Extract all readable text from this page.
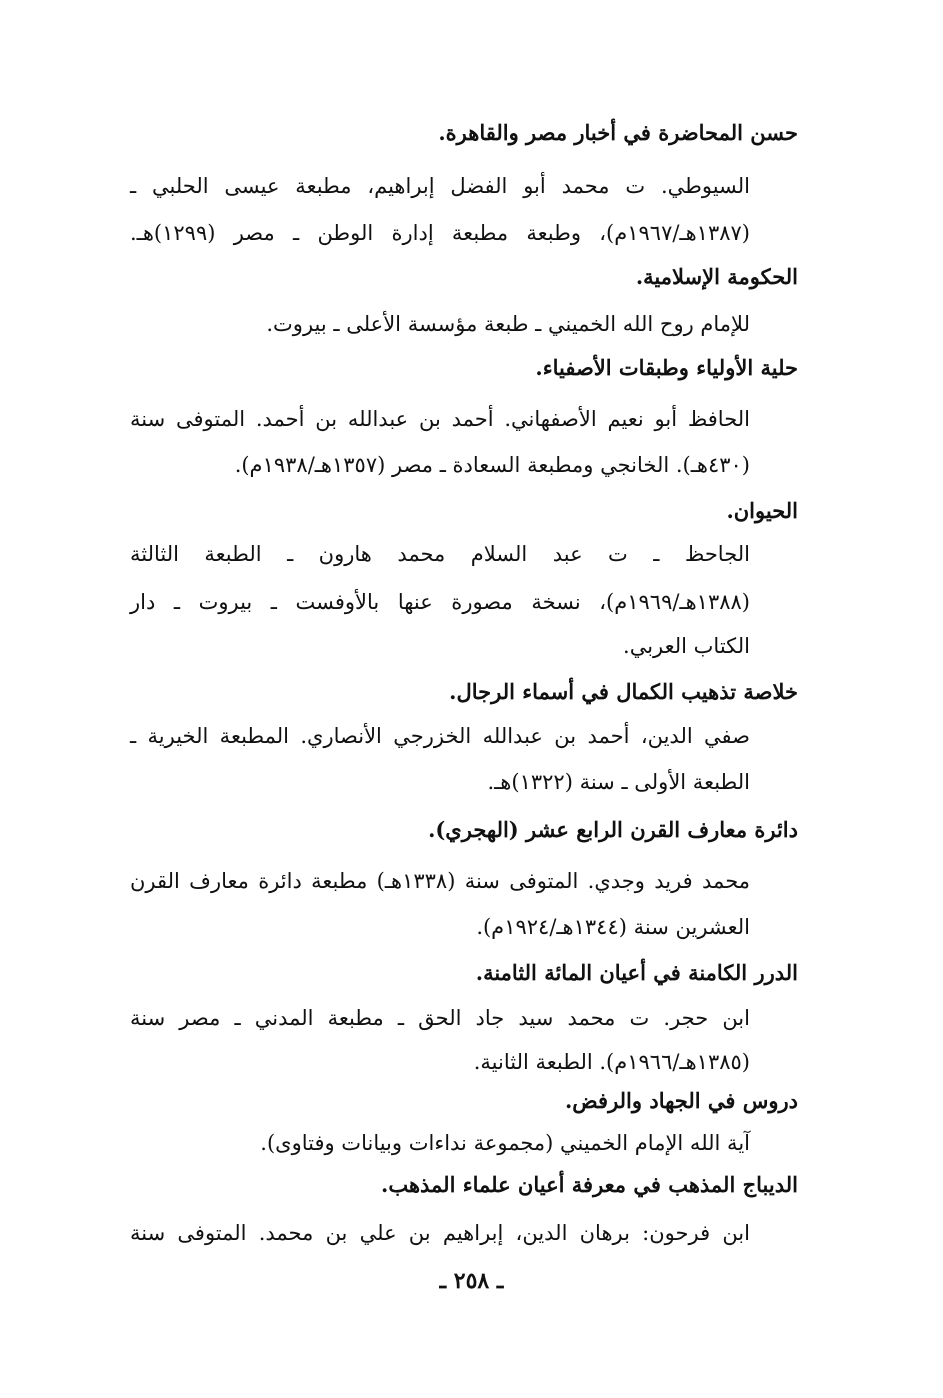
حسن المحاضرة في أخبار مصر والقاهرة.
السيوطي. ت محمد أبو الفضل إبراهيم، مطبعة عيسى الحلبي ـ
(١٣٨٧هـ/١٩٦٧م)، وطبعة مطبعة إدارة الوطن ـ مصر (١٢٩٩)هـ.
الحكومة الإسلامية.
للإمام روح الله الخميني ـ طبعة مؤسسة الأعلى ـ بيروت.
حلية الأولياء وطبقات الأصفياء.
الحافظ أبو نعيم الأصفهاني. أحمد بن عبدالله بن أحمد. المتوفى سنة
(٤٣٠هـ). الخانجي ومطبعة السعادة ـ مصر (١٣٥٧هـ/١٩٣٨م).
الحيوان.
الجاحظ ـ ت عبد السلام محمد هارون ـ الطبعة الثالثة
(١٣٨٨هـ/١٩٦٩م)، نسخة مصورة عنها بالأوفست ـ بيروت ـ دار
الكتاب العربي.
خلاصة تذهيب الكمال في أسماء الرجال.
صفي الدين، أحمد بن عبدالله الخزرجي الأنصاري. المطبعة الخيرية ـ
الطبعة الأولى ـ سنة (١٣٢٢)هـ.
دائرة معارف القرن الرابع عشر (الهجري).
محمد فريد وجدي. المتوفى سنة (١٣٣٨هـ) مطبعة دائرة معارف القرن
العشرين سنة (١٣٤٤هـ/١٩٢٤م).
الدرر الكامنة في أعيان المائة الثامنة.
ابن حجر. ت محمد سيد جاد الحق ـ مطبعة المدني ـ مصر سنة
(١٣٨٥هـ/١٩٦٦م). الطبعة الثانية.
دروس في الجهاد والرفض.
آية الله الإمام الخميني (مجموعة نداءات وبيانات وفتاوى).
الديباج المذهب في معرفة أعيان علماء المذهب.
ابن فرحون: برهان الدين، إبراهيم بن علي بن محمد. المتوفى سنة
ـ ٢٥٨ ـ
